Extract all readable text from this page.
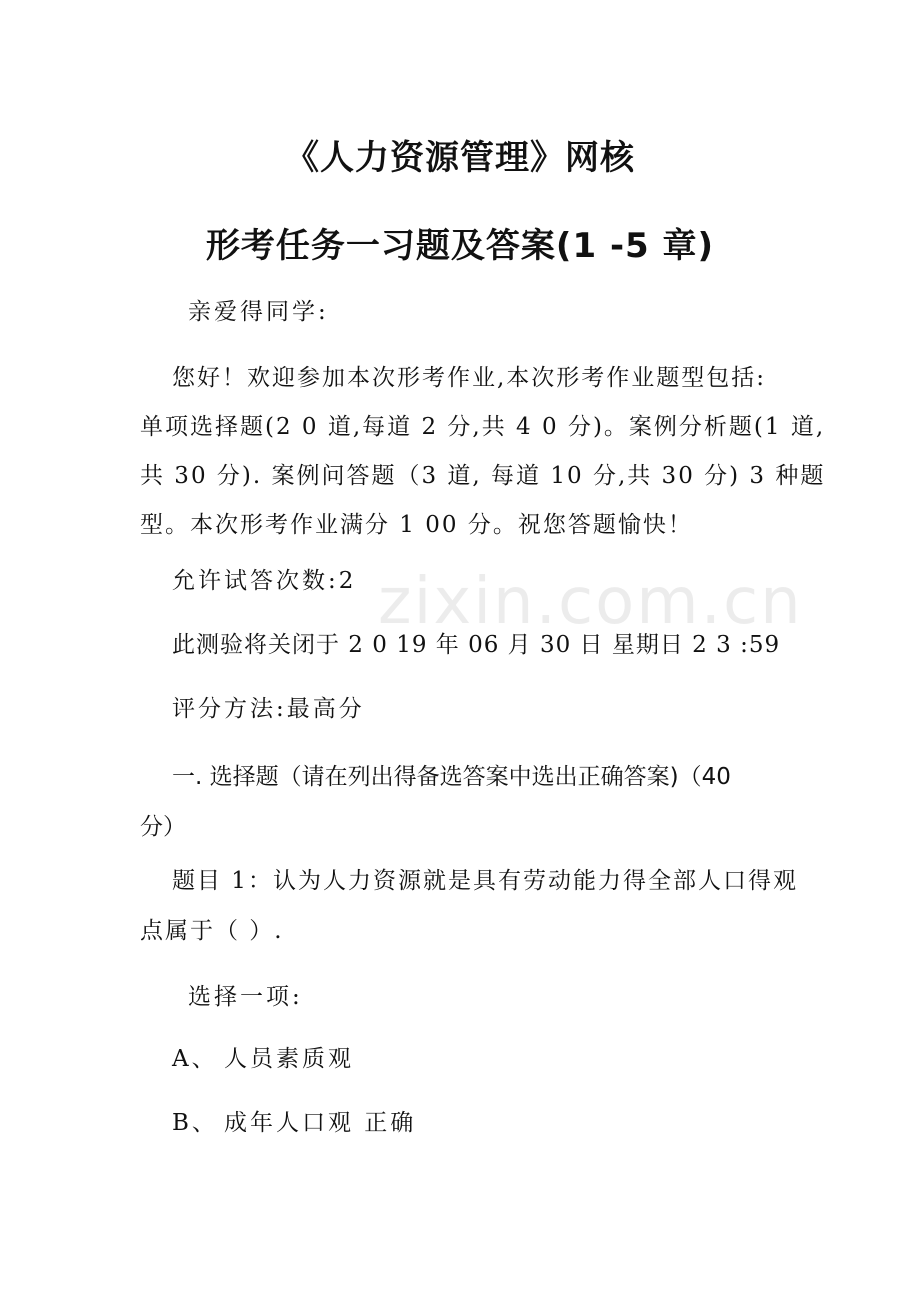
zixin.com.cn
《人力资源管理》网核
形考任务一习题及答案(1 -5 章)
亲爱得同学:
您好！欢迎参加本次形考作业,本次形考作业题型包括:
单项选择题(2 0 道,每道 2 分,共 4 0 分)。案例分析题(1 道,
共 30 分). 案例问答题（3 道, 每道 10 分,共 30 分) 3 种题
型。本次形考作业满分 1 00 分。祝您答题愉快！
允许试答次数:2
此测验将关闭于 2 0 19 年 06 月 30 日 星期日 2 3 :59
评分方法:最高分
一. 选择题（请在列出得备选答案中选出正确答案)（40
分）
题目 1：认为人力资源就是具有劳动能力得全部人口得观
点属于（ ）.
选择一项:
A、 人员素质观
B、 成年人口观 正确
